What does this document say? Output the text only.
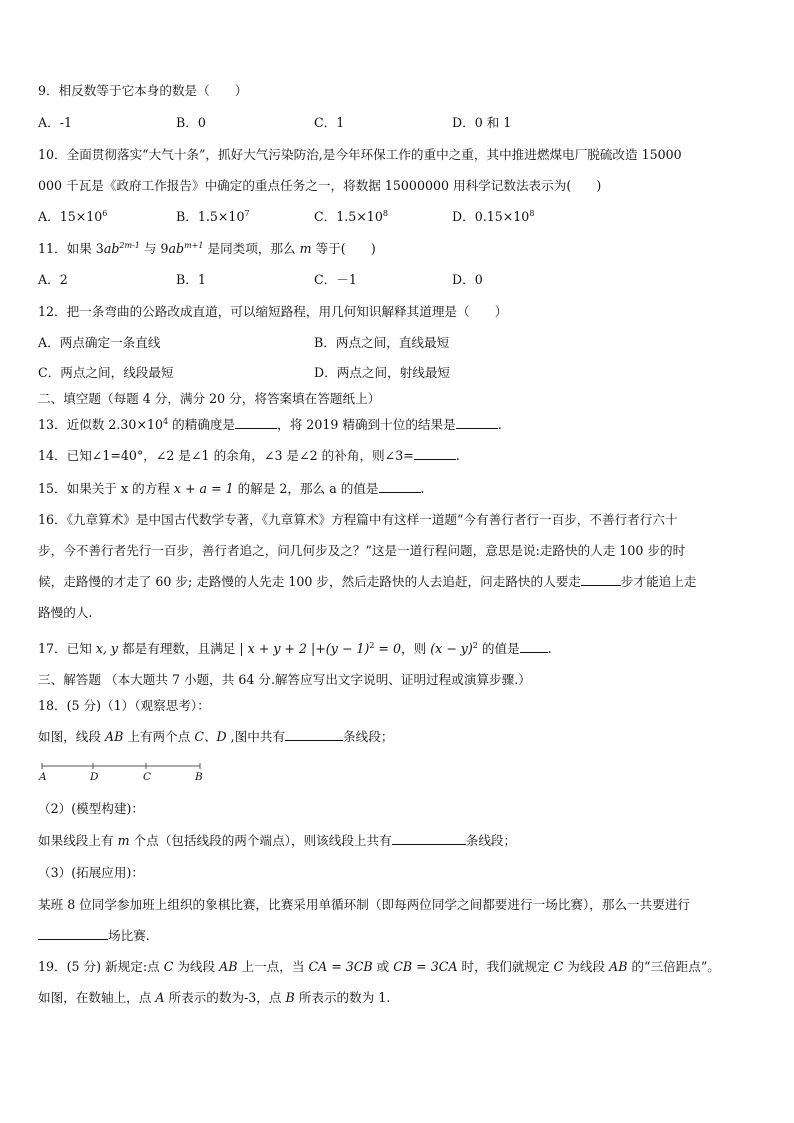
9．相反数等于它本身的数是（　　）
A．-1	B．0	C．1	D．0 和 1
10．全面贯彻落实“大气十条”，抓好大气污染防治,是今年环保工作的重中之重，其中推进燃煤电厂脱硫改造 15000
000 千瓦是《政府工作报告》中确定的重点任务之一，将数据 15000000 用科学记数法表示为(　　)
A．$15\times 10^6$	B．$1.5\times 10^7$	C．$1.5\times 10^8$	D．$0.15\times 10^8$
11．如果 $3ab^{2m-1}$ 与 $9ab^{m+1}$ 是同类项，那么 m 等于(　　)
A．2	B．1	C．－1	D．0
12．把一条弯曲的公路改成直道，可以缩短路程，用几何知识解释其道理是（　　）
A．两点确定一条直线	B．两点之间，直线最短
C．两点之间，线段最短	D．两点之间，射线最短
二、填空题（每题 4 分，满分 20 分，将答案填在答题纸上）
13．近似数 $2.30\times 10^4$ 的精确度是	，将 2019 精确到十位的结果是	.
14．已知∠1=40°，∠2 是∠1 的余角，∠3 是∠2 的补角，则∠3=	.
15．如果关于 x 的方程 x + a = 1 的解是 2，那么 a 的值是	.
16．《九章算术》是中国古代数学专著，《九章算术》方程篇中有这样一道题“今有善行者行一百步，不善行者行六十
步，今不善行者先行一百步，善行者追之，问几何步及之？”这是一道行程问题，意思是说:走路快的人走 100 步的时
候，走路慢的才走了 60 步; 走路慢的人先走 100 步，然后走路快的人去追赶，问走路快的人要走	步才能追上走
路慢的人.
17．已知 x, y 都是有理数，且满足 | x + y + 2 $|+(y - 1)^2 = 0$，则 $(x - y)^2$ 的值是 .
三、解答题 （本大题共 7 小题，共 64 分.解答应写出文字说明、证明过程或演算步骤.）
18．(5 分)（1）（观察思考）：
如图，线段 AB 上有两个点 C、D ,图中共有	条线段；
A	D	C	B
（2）(模型构建)：
如果线段上有 m 个点（包括线段的两个端点），则该线段上共有	条线段；
（3）(拓展应用)：
某班 8 位同学参加班上组织的象棋比赛，比赛采用单循环制（即每两位同学之间都要进行一场比赛），那么一共要进行
场比赛.
19．(5 分) 新规定:点 C 为线段 AB 上一点，当 CA = 3CB 或 CB = 3CA 时，我们就规定 C 为线段 AB 的“三倍距点”。
如图，在数轴上，点 A 所表示的数为-3，点 B 所表示的数为 1.
